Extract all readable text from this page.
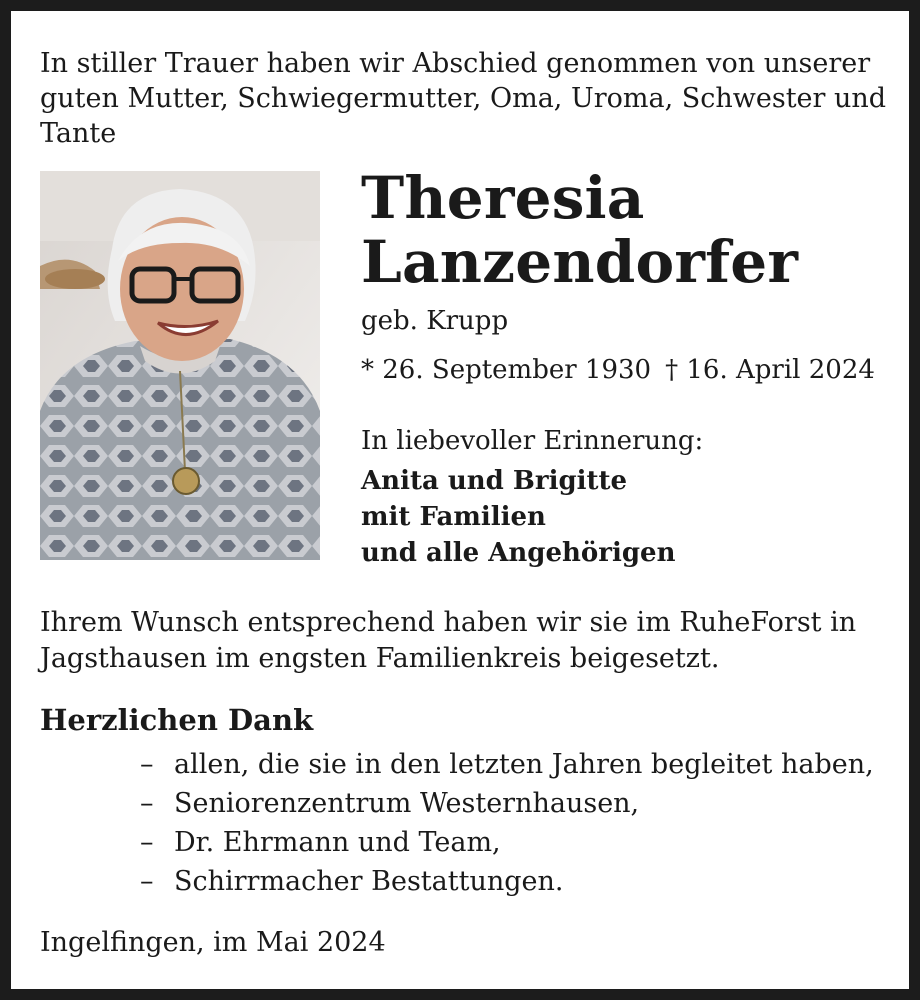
In stiller Trauer haben wir Abschied genommen von unserer guten Mutter, Schwiegermutter, Oma, Uroma, Schwester und Tante
Theresia
Lanzendorfer
geb. Krupp
* 26. September 1930 † 16. April 2024
In liebevoller Erinnerung:
Anita und Brigitte
mit Familien
und alle Angehörigen
Ihrem Wunsch entsprechend haben wir sie im RuheForst in Jagsthausen im engsten Familienkreis beigesetzt.
Herzlichen Dank
– allen, die sie in den letzten Jahren begleitet haben,
– Seniorenzentrum Westernhausen,
– Dr. Ehrmann und Team,
– Schirrmacher Bestattungen.
Ingelfingen, im Mai 2024
